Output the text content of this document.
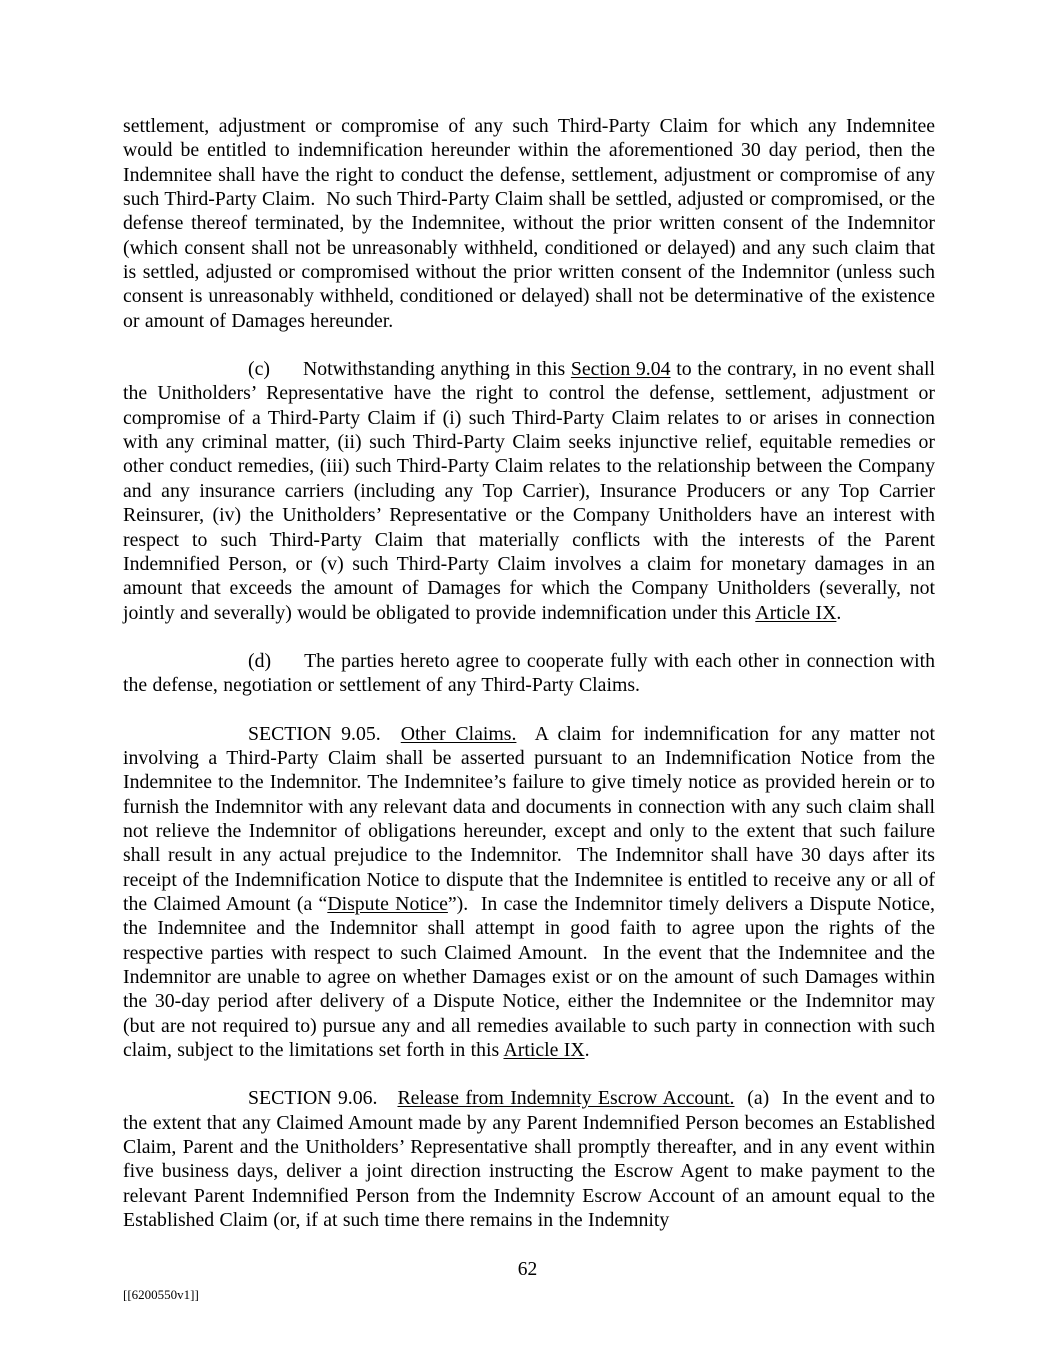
settlement, adjustment or compromise of any such Third-Party Claim for which any Indemnitee would be entitled to indemnification hereunder within the aforementioned 30 day period, then the Indemnitee shall have the right to conduct the defense, settlement, adjustment or compromise of any such Third-Party Claim.  No such Third-Party Claim shall be settled, adjusted or compromised, or the defense thereof terminated, by the Indemnitee, without the prior written consent of the Indemnitor (which consent shall not be unreasonably withheld, conditioned or delayed) and any such claim that is settled, adjusted or compromised without the prior written consent of the Indemnitor (unless such consent is unreasonably withheld, conditioned or delayed) shall not be determinative of the existence or amount of Damages hereunder.

(c) Notwithstanding anything in this Section 9.04 to the contrary, in no event shall the Unitholders’ Representative have the right to control the defense, settlement, adjustment or compromise of a Third-Party Claim if (i) such Third-Party Claim relates to or arises in connection with any criminal matter, (ii) such Third-Party Claim seeks injunctive relief, equitable remedies or other conduct remedies, (iii) such Third-Party Claim relates to the relationship between the Company and any insurance carriers (including any Top Carrier), Insurance Producers or any Top Carrier Reinsurer, (iv) the Unitholders’ Representative or the Company Unitholders have an interest with respect to such Third-Party Claim that materially conflicts with the interests of the Parent Indemnified Person, or (v) such Third-Party Claim involves a claim for monetary damages in an amount that exceeds the amount of Damages for which the Company Unitholders (severally, not jointly and severally) would be obligated to provide indemnification under this Article IX.

(d) The parties hereto agree to cooperate fully with each other in connection with the defense, negotiation or settlement of any Third-Party Claims.

SECTION 9.05. Other Claims.  A claim for indemnification for any matter not involving a Third-Party Claim shall be asserted pursuant to an Indemnification Notice from the Indemnitee to the Indemnitor. The Indemnitee’s failure to give timely notice as provided herein or to furnish the Indemnitor with any relevant data and documents in connection with any such claim shall not relieve the Indemnitor of obligations hereunder, except and only to the extent that such failure shall result in any actual prejudice to the Indemnitor.  The Indemnitor shall have 30 days after its receipt of the Indemnification Notice to dispute that the Indemnitee is entitled to receive any or all of the Claimed Amount (a “Dispute Notice”).  In case the Indemnitor timely delivers a Dispute Notice, the Indemnitee and the Indemnitor shall attempt in good faith to agree upon the rights of the respective parties with respect to such Claimed Amount.  In the event that the Indemnitee and the Indemnitor are unable to agree on whether Damages exist or on the amount of such Damages within the 30-day period after delivery of a Dispute Notice, either the Indemnitee or the Indemnitor may (but are not required to) pursue any and all remedies available to such party in connection with such claim, subject to the limitations set forth in this Article IX.

SECTION 9.06. Release from Indemnity Escrow Account.  (a)  In the event and to the extent that any Claimed Amount made by any Parent Indemnified Person becomes an Established Claim, Parent and the Unitholders’ Representative shall promptly thereafter, and in any event within five business days, deliver a joint direction instructing the Escrow Agent to make payment to the relevant Parent Indemnified Person from the Indemnity Escrow Account of an amount equal to the Established Claim (or, if at such time there remains in the Indemnity

62
[[6200550v1]]
